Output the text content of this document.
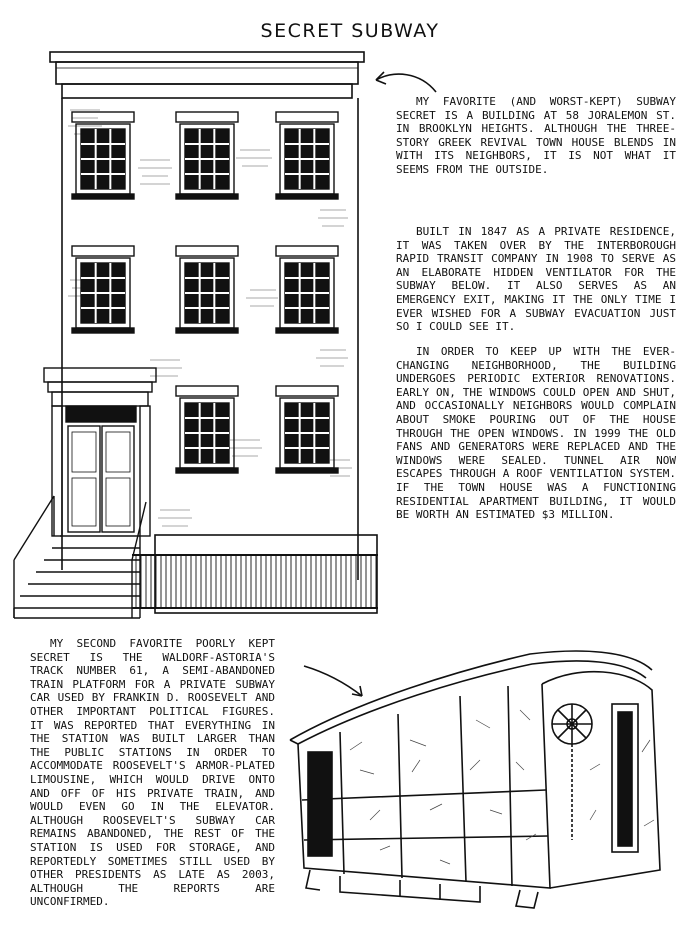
SECRET SUBWAY

MY FAVORITE (AND WORST-KEPT) SUBWAY SECRET IS A BUILDING AT 58 JORALEMON ST. IN BROOKLYN HEIGHTS. ALTHOUGH THE THREE-STORY GREEK REVIVAL TOWN HOUSE BLENDS IN WITH ITS NEIGHBORS, IT IS NOT WHAT IT SEEMS FROM THE OUTSIDE.

BUILT IN 1847 AS A PRIVATE RESIDENCE, IT WAS TAKEN OVER BY THE INTERBOROUGH RAPID TRANSIT COMPANY IN 1908 TO SERVE AS AN ELABORATE HIDDEN VENTILATOR FOR THE SUBWAY BELOW. IT ALSO SERVES AS AN EMERGENCY EXIT, MAKING IT THE ONLY TIME I EVER WISHED FOR A SUBWAY EVACUATION JUST SO I COULD SEE IT.

IN ORDER TO KEEP UP WITH THE EVER-CHANGING NEIGHBORHOOD, THE BUILDING UNDERGOES PERIODIC EXTERIOR RENOVATIONS. EARLY ON, THE WINDOWS COULD OPEN AND SHUT, AND OCCASIONALLY NEIGHBORS WOULD COMPLAIN ABOUT SMOKE POURING OUT OF THE HOUSE THROUGH THE OPEN WINDOWS. IN 1999 THE OLD FANS AND GENERATORS WERE REPLACED AND THE WINDOWS WERE SEALED. TUNNEL AIR NOW ESCAPES THROUGH A ROOF VENTILATION SYSTEM. IF THE TOWN HOUSE WAS A FUNCTIONING RESIDENTIAL APARTMENT BUILDING, IT WOULD BE WORTH AN ESTIMATED $3 MILLION.

MY SECOND FAVORITE POORLY KEPT SECRET IS THE WALDORF-ASTORIA'S TRACK NUMBER 61, A SEMI-ABANDONED TRAIN PLATFORM FOR A PRIVATE SUBWAY CAR USED BY FRANKIN D. ROOSEVELT AND OTHER IMPORTANT POLITICAL FIGURES. IT WAS REPORTED THAT EVERYTHING IN THE STATION WAS BUILT LARGER THAN THE PUBLIC STATIONS IN ORDER TO ACCOMMODATE ROOSEVELT'S ARMOR-PLATED LIMOUSINE, WHICH WOULD DRIVE ONTO AND OFF OF HIS PRIVATE TRAIN, AND WOULD EVEN GO IN THE ELEVATOR. ALTHOUGH ROOSEVELT'S SUBWAY CAR REMAINS ABANDONED, THE REST OF THE STATION IS USED FOR STORAGE, AND REPORTEDLY SOMETIMES STILL USED BY OTHER PRESIDENTS AS LATE AS 2003, ALTHOUGH THE REPORTS ARE UNCONFIRMED.
